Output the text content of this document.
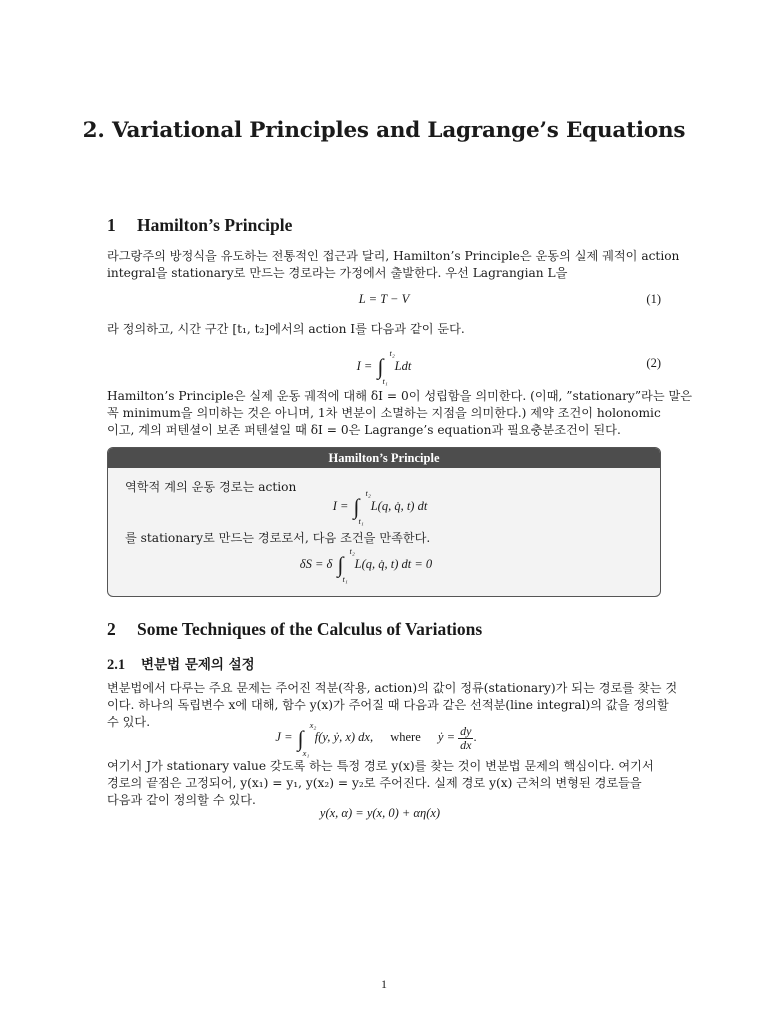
2. Variational Principles and Lagrange’s Equations
1 Hamilton’s Principle
라그랑주의 방정식을 유도하는 전통적인 접근과 달리, Hamilton’s Principle은 운동의 실제 궤적이 action
integral을 stationary로 만드는 경로라는 가정에서 출발한다. 우선 Lagrangian L을
L = T − V	(1)
라 정의하고, 시간 구간 [t₁, t₂]에서의 action I를 다음과 같이 둔다.
I = ∫
t₂
t₁
Ldt	(2)
Hamilton’s Principle은 실제 운동 궤적에 대해 δI = 0이 성립함을 의미한다. (이때, ”stationary”라는 말은
꼭 minimum을 의미하는 것은 아니며, 1차 변분이 소멸하는 지점을 의미한다.) 제약 조건이 holonomic
이고, 계의 퍼텐셜이 보존 퍼텐셜일 때 δI = 0은 Lagrange’s equation과 필요충분조건이 된다.
Hamilton’s Principle
역학적 계의 운동 경로는 action
I = ∫
t₂
t₁
L(q, q̇, t) dt
를 stationary로 만드는 경로로서, 다음 조건을 만족한다.
δS = δ ∫
t₂
t₁
L(q, q̇, t) dt = 0
2 Some Techniques of the Calculus of Variations
2.1 변분법 문제의 설정
변분법에서 다루는 주요 문제는 주어진 적분(작용, action)의 값이 정류(stationary)가 되는 경로를 찾는 것
이다. 하나의 독립변수 x에 대해, 함수 y(x)가 주어질 때 다음과 같은 선적분(line integral)의 값을 정의할
수 있다.
J = ∫
x₂
x₁
f(y, ẏ, x) dx, where ẏ = $\frac{dy}{dx}$ .
여기서 J가 stationary value 갖도록 하는 특정 경로 y(x)를 찾는 것이 변분법 문제의 핵심이다. 여기서
경로의 끝점은 고정되어, y(x₁) = y₁, y(x₂) = y₂로 주어진다. 실제 경로 y(x) 근처의 변형된 경로들을
다음과 같이 정의할 수 있다.
y(x, α) = y(x, 0) + αη(x)
1
